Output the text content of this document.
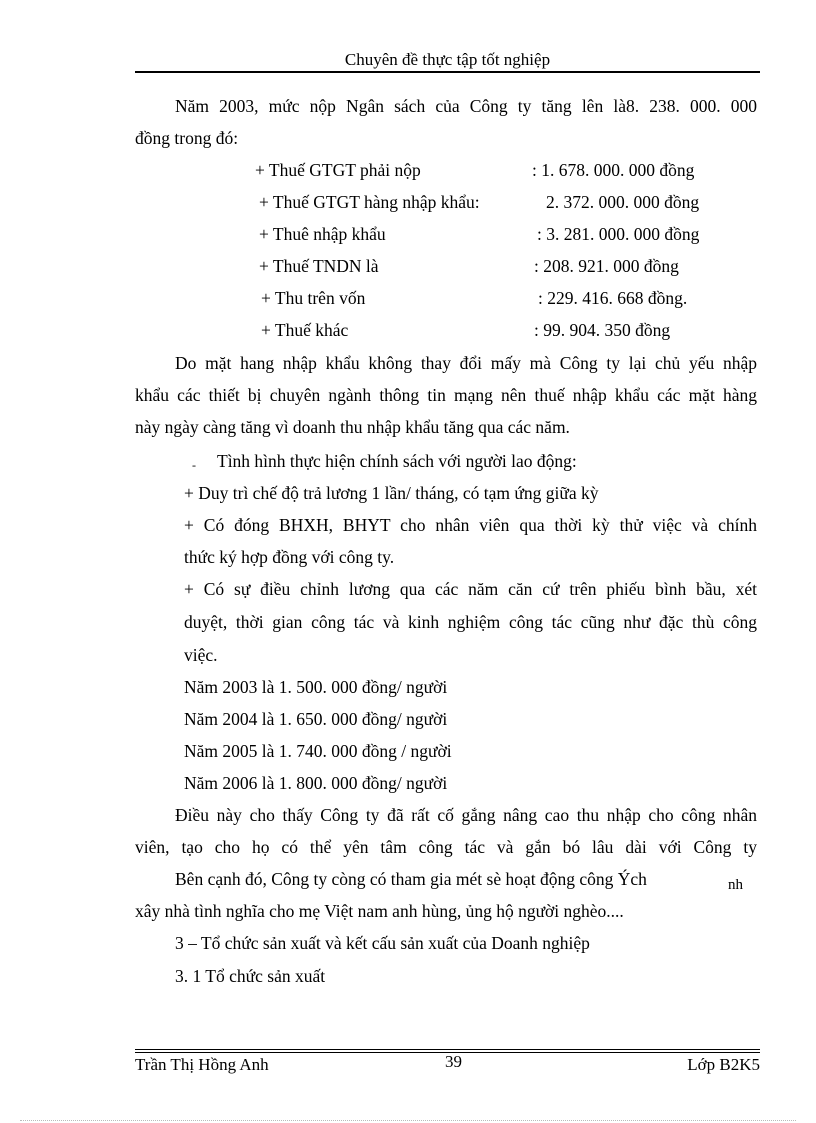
Chuyên đề thực tập tốt nghiệp
Năm 2003, mức nộp Ngân sách của Công ty tăng lên là8. 238. 000. 000
đồng trong đó:
+ Thuế GTGT phải nộp	: 1. 678. 000. 000 đồng
+ Thuế GTGT hàng nhập khẩu:	2. 372. 000. 000 đồng
+ Thuê nhập khẩu	: 3. 281. 000. 000 đồng
+ Thuế TNDN là	: 208. 921. 000 đồng
+ Thu trên vốn	: 229. 416. 668 đồng.
+ Thuế khác	: 99. 904. 350 đồng
Do mặt hang nhập khẩu không thay đổi mấy mà Công ty lại chủ yếu nhập
khẩu các thiết bị chuyên ngành thông tin mạng nên thuế nhập khẩu các mặt hàng
này ngày càng tăng vì doanh thu nhập khẩu tăng qua các năm.
- Tình hình thực hiện chính sách với người lao động:
+ Duy trì chế độ trả lương 1 lần/ tháng, có tạm ứng giữa kỳ
+ Có đóng BHXH, BHYT cho nhân viên qua thời kỳ thử việc và chính
thức ký hợp đồng với công ty.
+ Có sự điều chỉnh lương qua các năm căn cứ trên phiếu bình bầu, xét
duyệt, thời gian công tác và kinh nghiệm công tác cũng như đặc thù công
việc.
Năm 2003 là 1. 500. 000 đồng/ người
Năm 2004 là 1. 650. 000 đồng/ người
Năm 2005 là 1. 740. 000 đồng / người
Năm 2006 là 1. 800. 000 đồng/ người
Điều này cho thấy Công ty đã rất cố gắng nâng cao thu nhập cho công nhân
viên, tạo cho họ có thể yên tâm công tác và gắn bó lâu dài với Công ty
Bên cạnh đó, Công ty còng có tham gia mét sè hoạt động công Ých	nh
xây nhà tình nghĩa cho mẹ Việt nam anh hùng, ủng hộ người nghèo....
3 – Tổ chức sản xuất và kết cấu sản xuất của Doanh nghiệp
3. 1 Tổ chức sản xuất
Trần Thị Hồng Anh	39	Lớp B2K5
